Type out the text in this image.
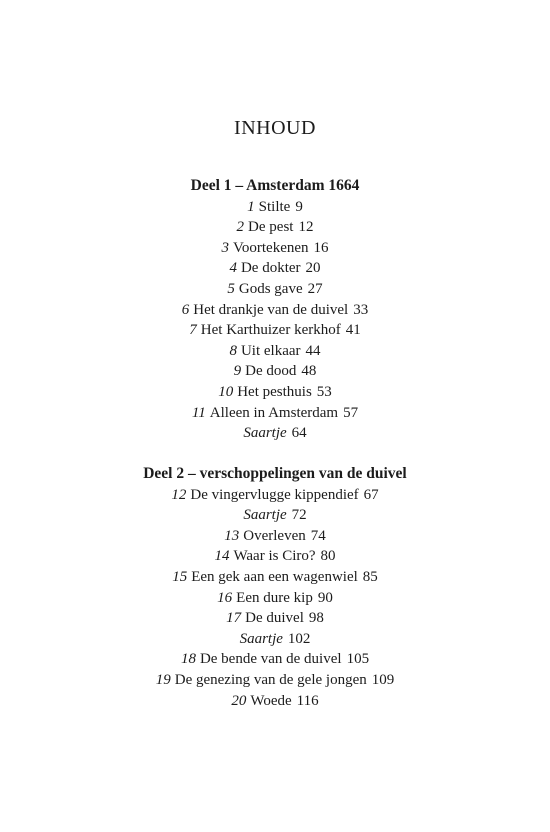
INHOUD
Deel 1 – Amsterdam 1664
1 Stilte 9
2 De pest 12
3 Voortekenen 16
4 De dokter 20
5 Gods gave 27
6 Het drankje van de duivel 33
7 Het Karthuizer kerkhof 41
8 Uit elkaar 44
9 De dood 48
10 Het pesthuis 53
11 Alleen in Amsterdam 57
Saartje 64
Deel 2 – verschoppelingen van de duivel
12 De vingervlugge kippendief 67
Saartje 72
13 Overleven 74
14 Waar is Ciro? 80
15 Een gek aan een wagenwiel 85
16 Een dure kip 90
17 De duivel 98
Saartje 102
18 De bende van de duivel 105
19 De genezing van de gele jongen 109
20 Woede 116
